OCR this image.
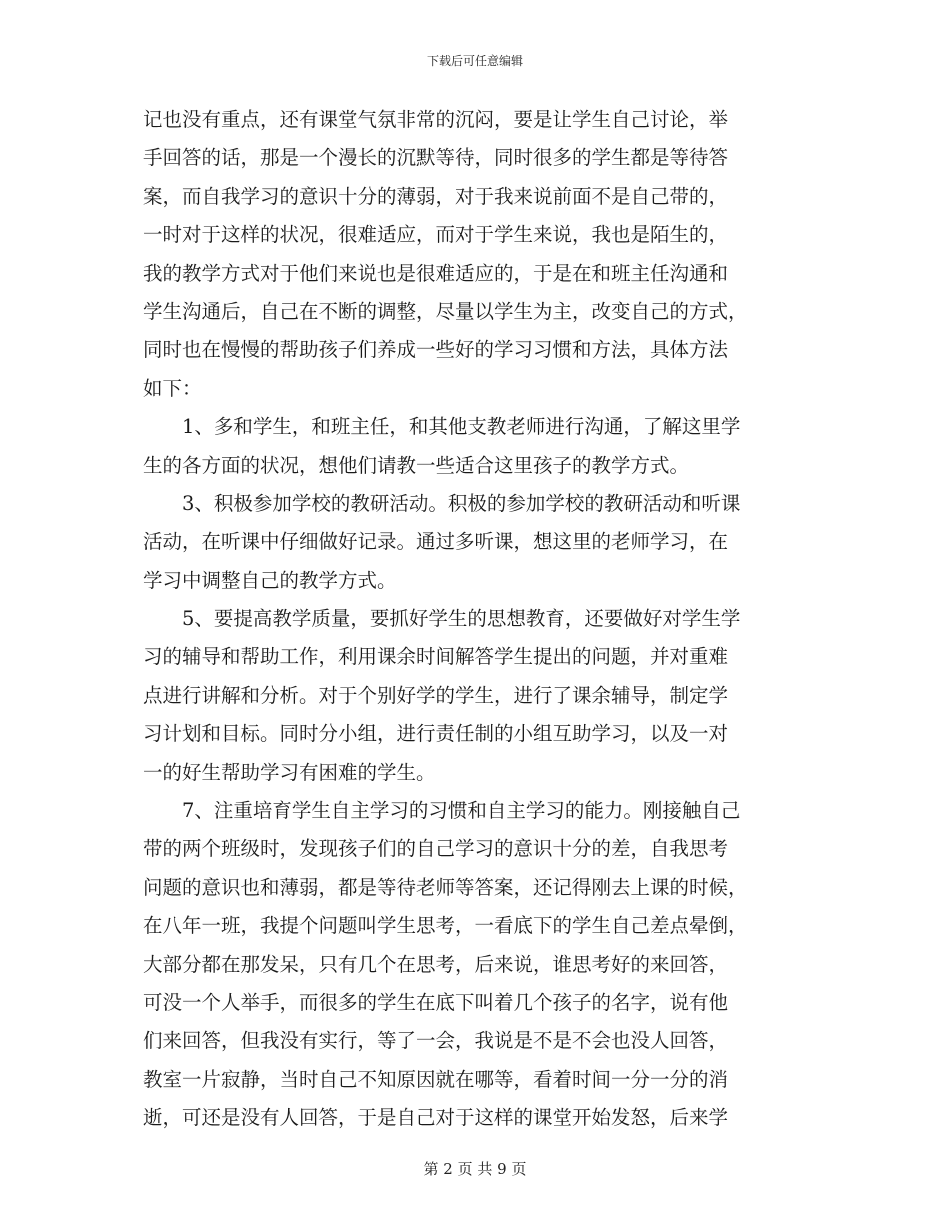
下载后可任意编辑
记也没有重点，还有课堂气氛非常的沉闷，要是让学生自己讨论，举
手回答的话，那是一个漫长的沉默等待，同时很多的学生都是等待答
案，而自我学习的意识十分的薄弱，对于我来说前面不是自己带的，
一时对于这样的状况，很难适应，而对于学生来说，我也是陌生的，
我的教学方式对于他们来说也是很难适应的，于是在和班主任沟通和
学生沟通后，自己在不断的调整，尽量以学生为主，改变自己的方式，
同时也在慢慢的帮助孩子们养成一些好的学习习惯和方法，具体方法
如下：
　　1、多和学生，和班主任，和其他支教老师进行沟通，了解这里学
生的各方面的状况，想他们请教一些适合这里孩子的教学方式。
　　3、积极参加学校的教研活动。积极的参加学校的教研活动和听课
活动，在听课中仔细做好记录。通过多听课，想这里的老师学习，在
学习中调整自己的教学方式。
　　5、要提高教学质量，要抓好学生的思想教育，还要做好对学生学
习的辅导和帮助工作，利用课余时间解答学生提出的问题，并对重难
点进行讲解和分析。对于个别好学的学生，进行了课余辅导，制定学
习计划和目标。同时分小组，进行责任制的小组互助学习，以及一对
一的好生帮助学习有困难的学生。
　　7、注重培育学生自主学习的习惯和自主学习的能力。刚接触自己
带的两个班级时，发现孩子们的自己学习的意识十分的差，自我思考
问题的意识也和薄弱，都是等待老师等答案，还记得刚去上课的时候，
在八年一班，我提个问题叫学生思考，一看底下的学生自己差点晕倒，
大部分都在那发呆，只有几个在思考，后来说，谁思考好的来回答，
可没一个人举手，而很多的学生在底下叫着几个孩子的名字，说有他
们来回答，但我没有实行，等了一会，我说是不是不会也没人回答，
教室一片寂静，当时自己不知原因就在哪等，看着时间一分一分的消
逝，可还是没有人回答，于是自己对于这样的课堂开始发怒，后来学
第 2 页 共 9 页
